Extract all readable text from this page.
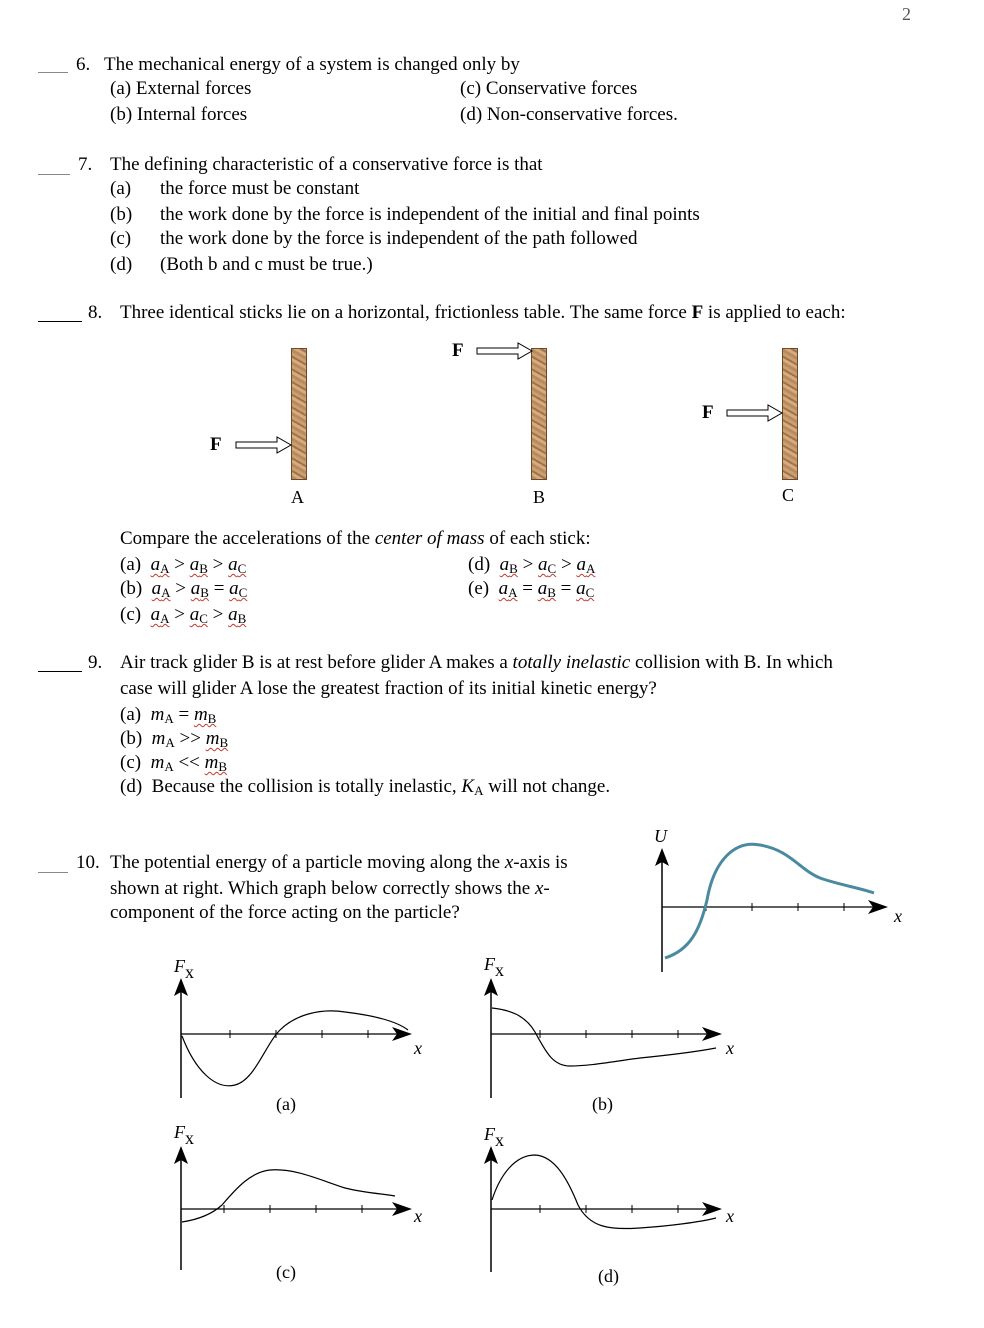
2
6. The mechanical energy of a system is changed only by
(a) External forces
(b) Internal forces
(c) Conservative forces
(d) Non-conservative forces.
7. The defining characteristic of a conservative force is that
(a) the force must be constant
(b) the work done by the force is independent of the initial and final points
(c) the work done by the force is independent of the path followed
(d) (Both b and c must be true.)
8. Three identical sticks lie on a horizontal, frictionless table. The same force F is applied to each:
F
F
F
A	B	C
Compare the accelerations of the center of mass of each stick:
(a) $a_A > a_B > a_C$
(b) $a_A > a_B = a_C$
(c) $a_A > a_C > a_B$
(d) $a_B > a_C > a_A$
(e) $a_A = a_B = a_C$
9. Air track glider B is at rest before glider A makes a totally inelastic collision with B. In which
case will glider A lose the greatest fraction of its initial kinetic energy?
(a) $m_A = m_B$
(b) $m_A >> m_B$
(c) $m_A << m_B$
(d) Because the collision is totally inelastic, $K_A$ will not change.
10. The potential energy of a particle moving along the x-axis is
shown at right. Which graph below correctly shows the x-
component of the force acting on the particle?
U
x
Fx
x
(a)
Fx
x
(b)
Fx
x
(c)
Fx
x
(d)
